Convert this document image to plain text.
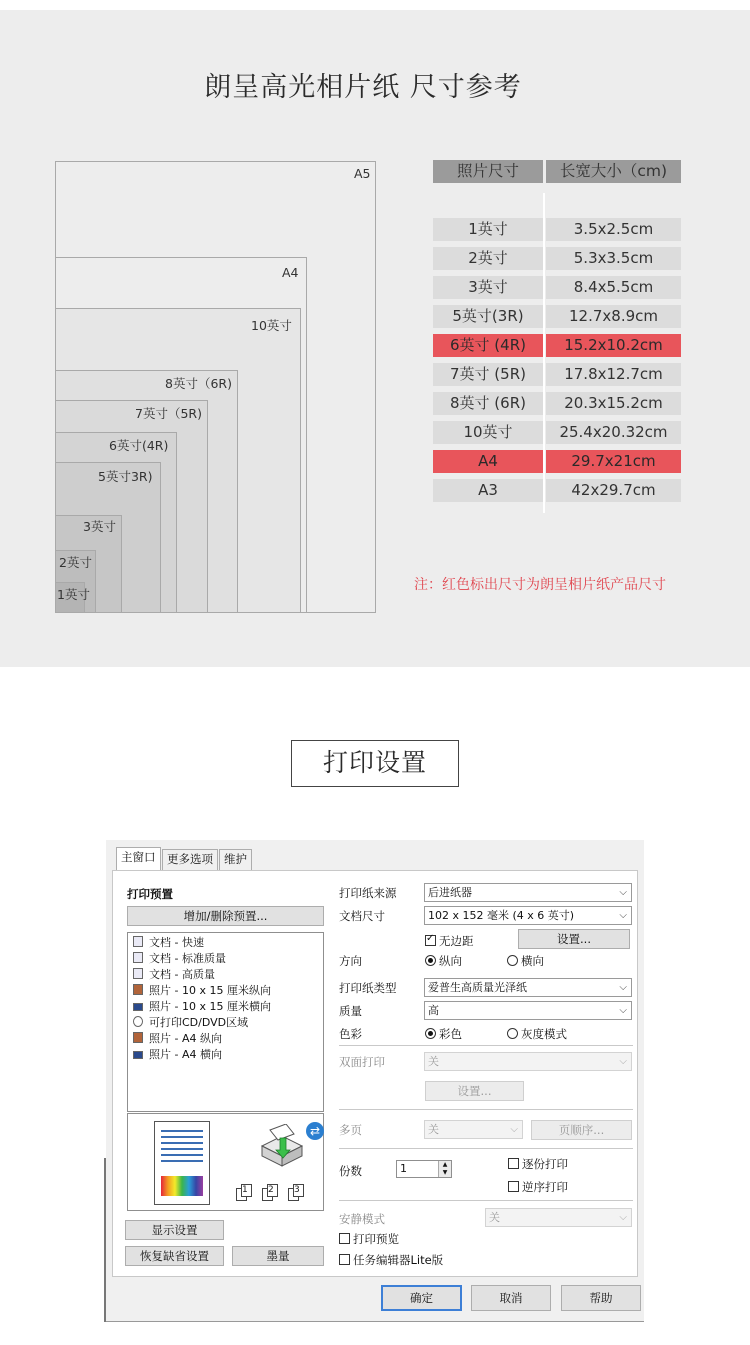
朗呈高光相片纸 尺寸参考
A5
A4
10英寸
8英寸（6R)
7英寸（5R)
6英寸(4R)
5英寸3R)
3英寸
2英寸
1英寸
照片尺寸	长宽大小（cm)
1英寸	3.5x2.5cm
2英寸	5.3x3.5cm
3英寸	8.4x5.5cm
5英寸(3R)	12.7x8.9cm
6英寸 (4R)	15.2x10.2cm
7英寸 (5R)	17.8x12.7cm
8英寸 (6R)	20.3x15.2cm
10英寸	25.4x20.32cm
A4	29.7x21cm
A3	42x29.7cm
注：红色标出尺寸为朗呈相片纸产品尺寸
打印设置
主窗口	更多选项 维护
打印预置
增加/删除预置...
文档 - 快速
文档 - 标准质量
文档 - 高质量
照片 - 10 x 15 厘米纵向
照片 - 10 x 15 厘米横向
可打印CD/DVD区域
照片 - A4 纵向
照片 - A4 横向
⇄
1	2	3
显示设置
恢复缺省设置	墨量
打印纸来源	后进纸器	⌵
文档尺寸	102 x 152 毫米 (4 x 6 英寸)	⌵
✓无边距	设置...
方向	纵向	横向
打印纸类型	爱普生高质量光泽纸	⌵
质量	高	⌵
色彩	彩色	灰度模式
双面打印	关	⌵
设置...
多页	关	⌵	页顺序...
份数	1	▲
▼
逐份打印
逆序打印
安静模式	关	⌵
打印预览
任务编辑器Lite版
确定	取消	帮助
